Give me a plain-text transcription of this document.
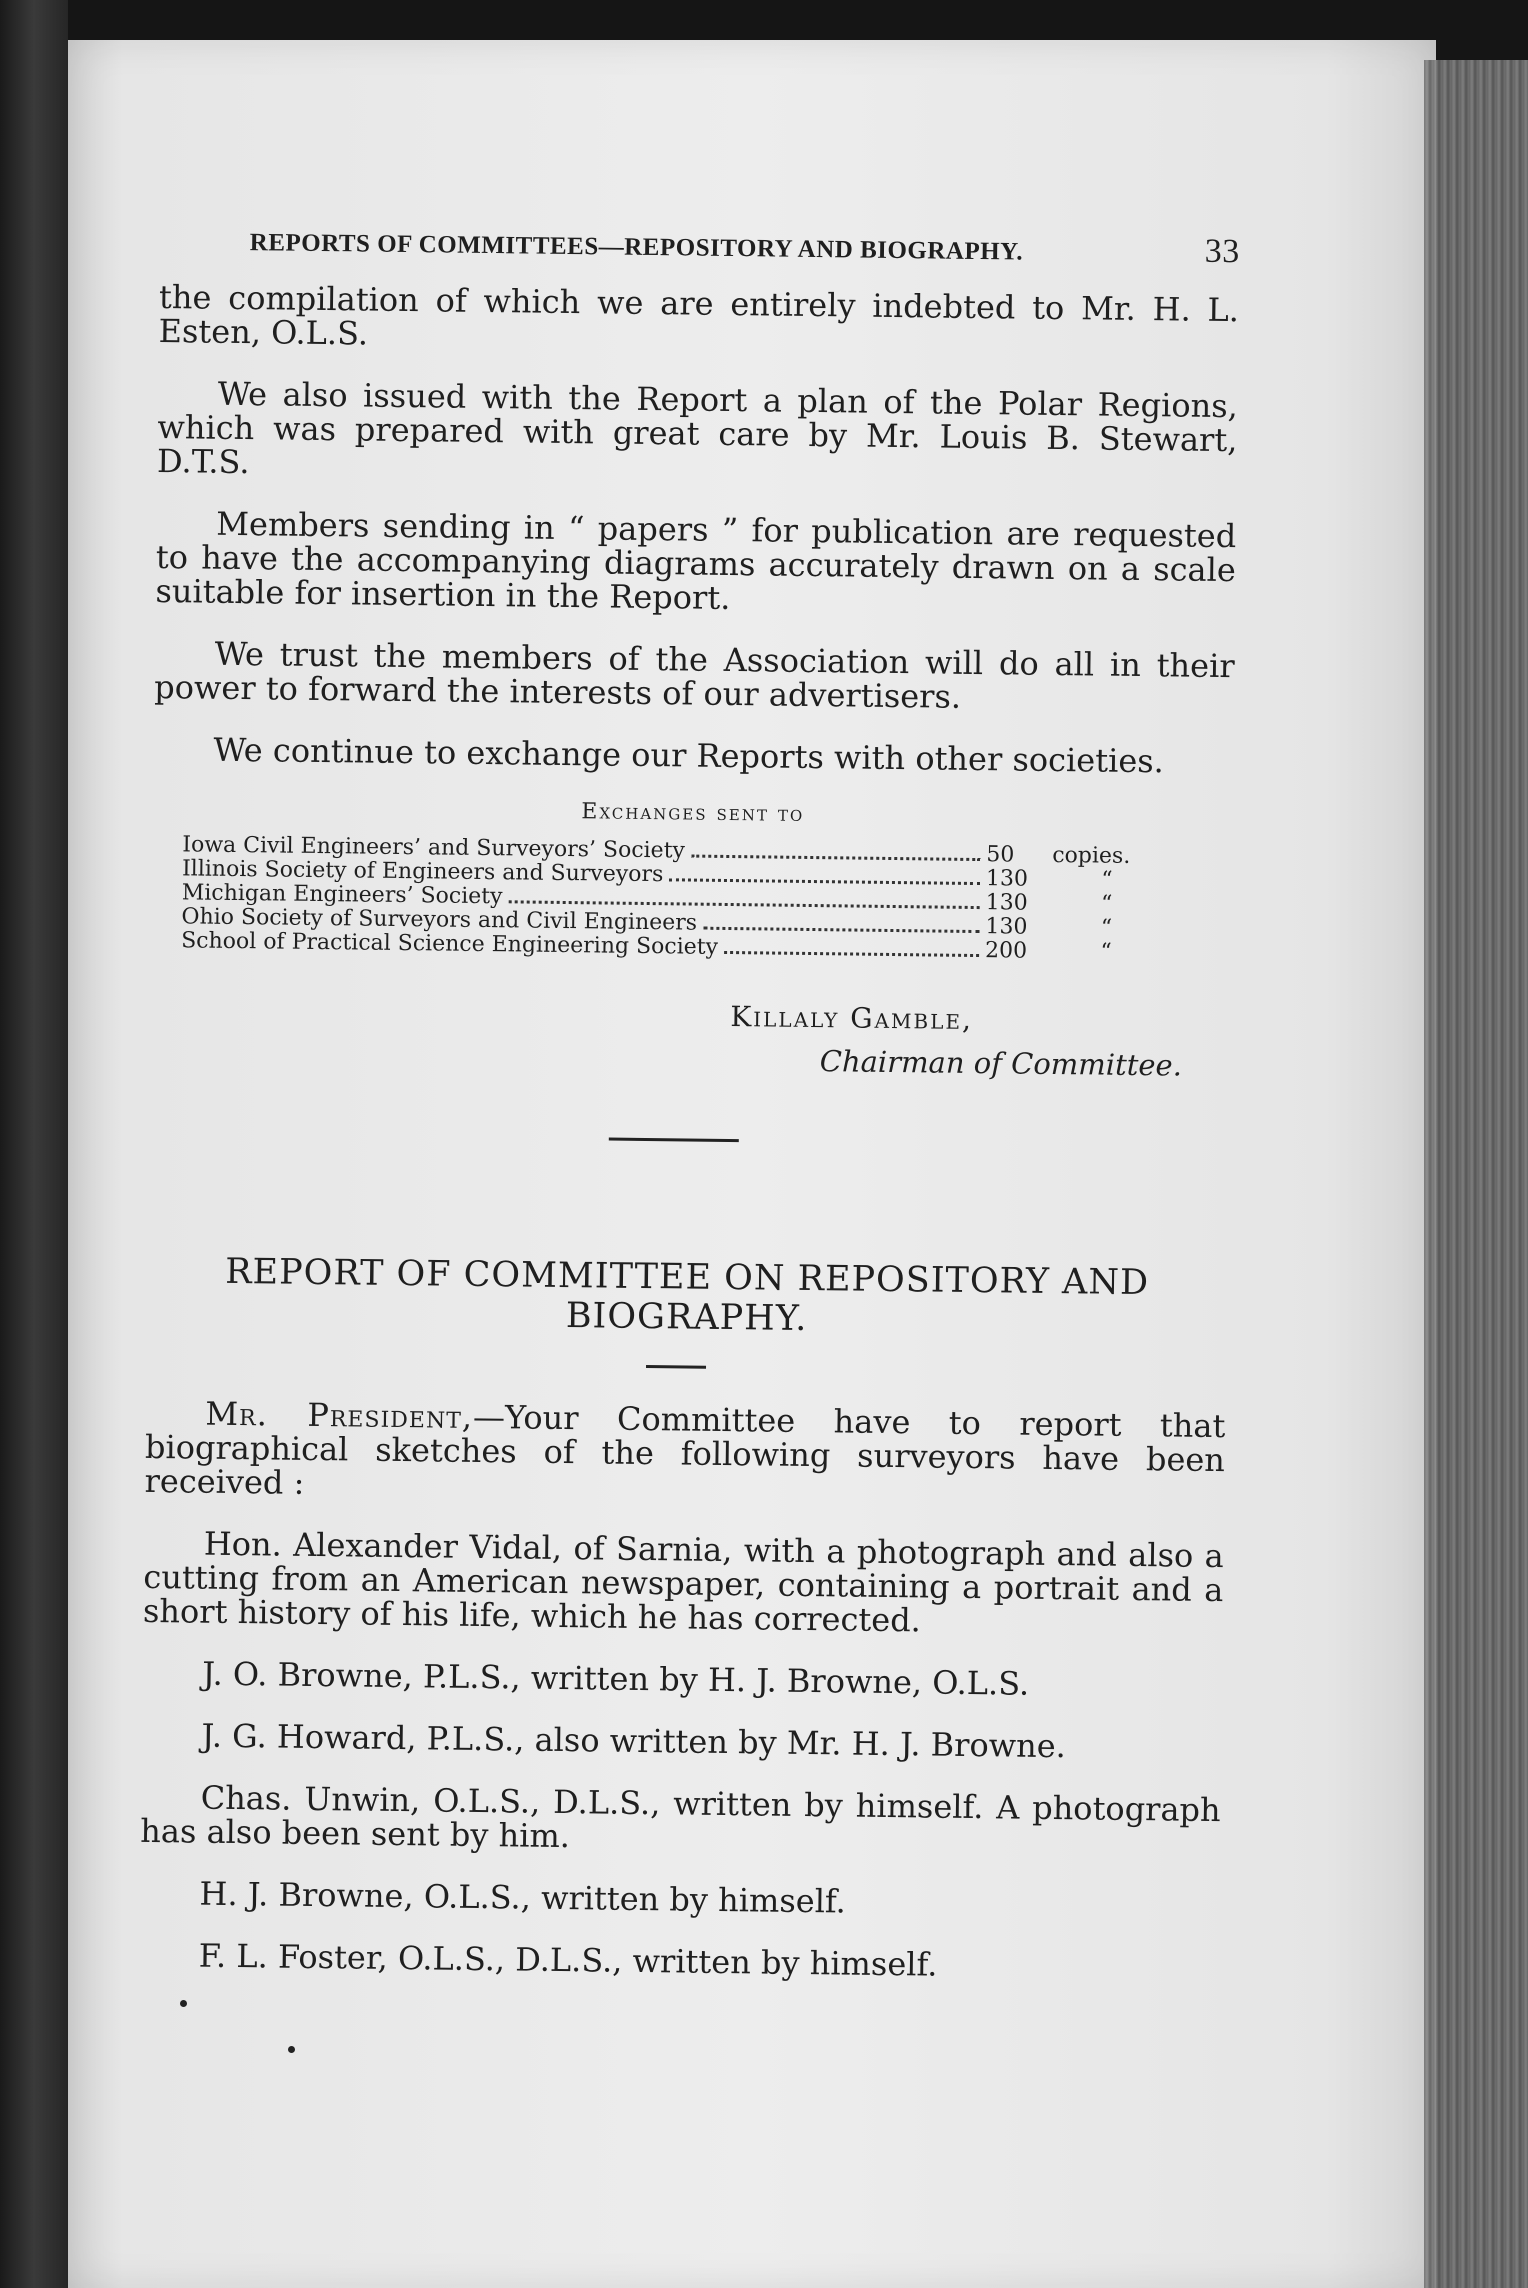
REPORTS OF COMMITTEES—REPOSITORY AND BIOGRAPHY.	33

the compilation of which we are entirely indebted to Mr. H. L. Esten, O.L.S.

We also issued with the Report a plan of the Polar Regions, which was prepared with great care by Mr. Louis B. Stewart, D.T.S.

Members sending in “ papers ” for publication are requested to have the accompanying diagrams accurately drawn on a scale suitable for insertion in the Report.

We trust the members of the Association will do all in their power to forward the interests of our advertisers.

We continue to exchange our Reports with other societies.

Exchanges sent to
Iowa Civil Engineers’ and Surveyors’ Society	50	copies.
Illinois Society of Engineers and Surveyors	130	“
Michigan Engineers’ Society	130	“
Ohio Society of Surveyors and Civil Engineers	130	“
School of Practical Science Engineering Society	200	“
Killaly Gamble,
Chairman of Committee.
REPORT OF COMMITTEE ON REPOSITORY AND BIOGRAPHY.

Mr. President,—Your Committee have to report that biographical sketches of the following surveyors have been received :

Hon. Alexander Vidal, of Sarnia, with a photograph and also a cutting from an American newspaper, containing a portrait and a short history of his life, which he has corrected.

J. O. Browne, P.L.S., written by H. J. Browne, O.L.S.

J. G. Howard, P.L.S., also written by Mr. H. J. Browne.

Chas. Unwin, O.L.S., D.L.S., written by himself. A photograph has also been sent by him.

H. J. Browne, O.L.S., written by himself.

F. L. Foster, O.L.S., D.L.S., written by himself.
